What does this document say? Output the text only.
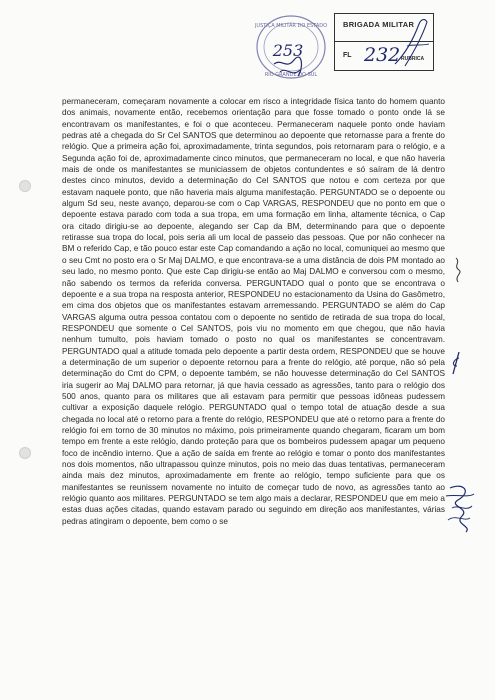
JUSTIÇA MILITAR DO ESTADO
RIO GRANDE DO SUL
253
BRIGADA MILITAR
FL 232 RUBRICA

permaneceram, começaram novamente a colocar em risco a integridade física tanto do homem quanto dos animais, novamente então, recebemos orientação para que fosse tomado o ponto onde lá se encontravam os manifestantes, e foi o que aconteceu. Permaneceram naquele ponto onde haviam pedras até a chegada do Sr Cel SANTOS que determinou ao depoente que retornasse para a frente do relógio. Que a primeira ação foi, aproximadamente, trinta segundos, pois retornaram para o relógio, e a Segunda ação foi de, aproximadamente cinco minutos, que permaneceram no local, e que não haveria mais de onde os manifestantes se municiassem de objetos contundentes e só saíram de lá dentro destes cinco minutos, devido a determinação do Cel SANTOS que notou e com certeza por que estavam naquele ponto, que não haveria mais alguma manifestação. PERGUNTADO se o depoente ou algum Sd seu, neste avanço, deparou-se com o Cap VARGAS, RESPONDEU que no ponto em que o depoente estava parado com toda a sua tropa, em uma formação em linha, altamente técnica, o Cap ora citado dirigiu-se ao depoente, alegando ser Cap da BM, determinando para que o depoente retirasse sua tropa do local, pois seria ali um local de passeio das pessoas. Que por não conhecer na BM o referido Cap, e tão pouco estar este Cap comandando a ação no local, comuniquei ao mesmo que o seu Cmt no posto era o Sr Maj DALMO, e que encontrava-se a uma distância de dois PM montado ao seu lado, no mesmo ponto. Que este Cap dirigiu-se então ao Maj DALMO e conversou com o mesmo, não sabendo os termos da referida conversa. PERGUNTADO qual o ponto que se encontrava o depoente e a sua tropa na resposta anterior, RESPONDEU no estacionamento da Usina do Gasômetro, em cima dos objetos que os manifestantes estavam arremessando. PERGUNTADO se além do Cap VARGAS alguma outra pessoa contatou com o depoente no sentido de retirada de sua tropa do local, RESPONDEU que somente o Cel SANTOS, pois viu no momento em que chegou, que não havia nenhum tumulto, pois haviam tomado o posto no qual os manifestantes se concentravam. PERGUNTADO qual a atitude tomada pelo depoente a partir desta ordem, RESPONDEU que se houve a determinação de um superior o depoente retornou para a frente do relógio, até porque, não só pela determinação do Cmt do CPM, o depoente também, se não houvesse determinação do Cel SANTOS iria sugerir ao Maj DALMO para retornar, já que havia cessado as agressões, tanto para o relógio dos 500 anos, quanto para os militares que ali estavam para permitir que pessoas idôneas pudessem cultivar a exposição daquele relógio. PERGUNTADO qual o tempo total de atuação desde a sua chegada no local até o retorno para a frente do relógio, RESPONDEU que até o retorno para a frente do relógio foi em torno de 30 minutos no máximo, pois primeiramente quando chegaram, ficaram um bom tempo em frente a este relógio, dando proteção para que os bombeiros pudessem apagar um pequeno foco de incêndio interno. Que a ação de saída em frente ao relógio e tomar o ponto dos manifestantes nos dois momentos, não ultrapassou quinze minutos, pois no meio das duas tentativas, permaneceram ainda mais dez minutos, aproximadamente em frente ao relógio, tempo suficiente para que os manifestantes se reunissem novamente no intuito de começar tudo de novo, as agressões tanto ao relógio quanto aos militares. PERGUNTADO se tem algo mais a declarar, RESPONDEU que em meio a estas duas ações citadas, quando estavam parado ou seguindo em direção aos manifestantes, várias pedras atingiram o depoente, bem como o se
